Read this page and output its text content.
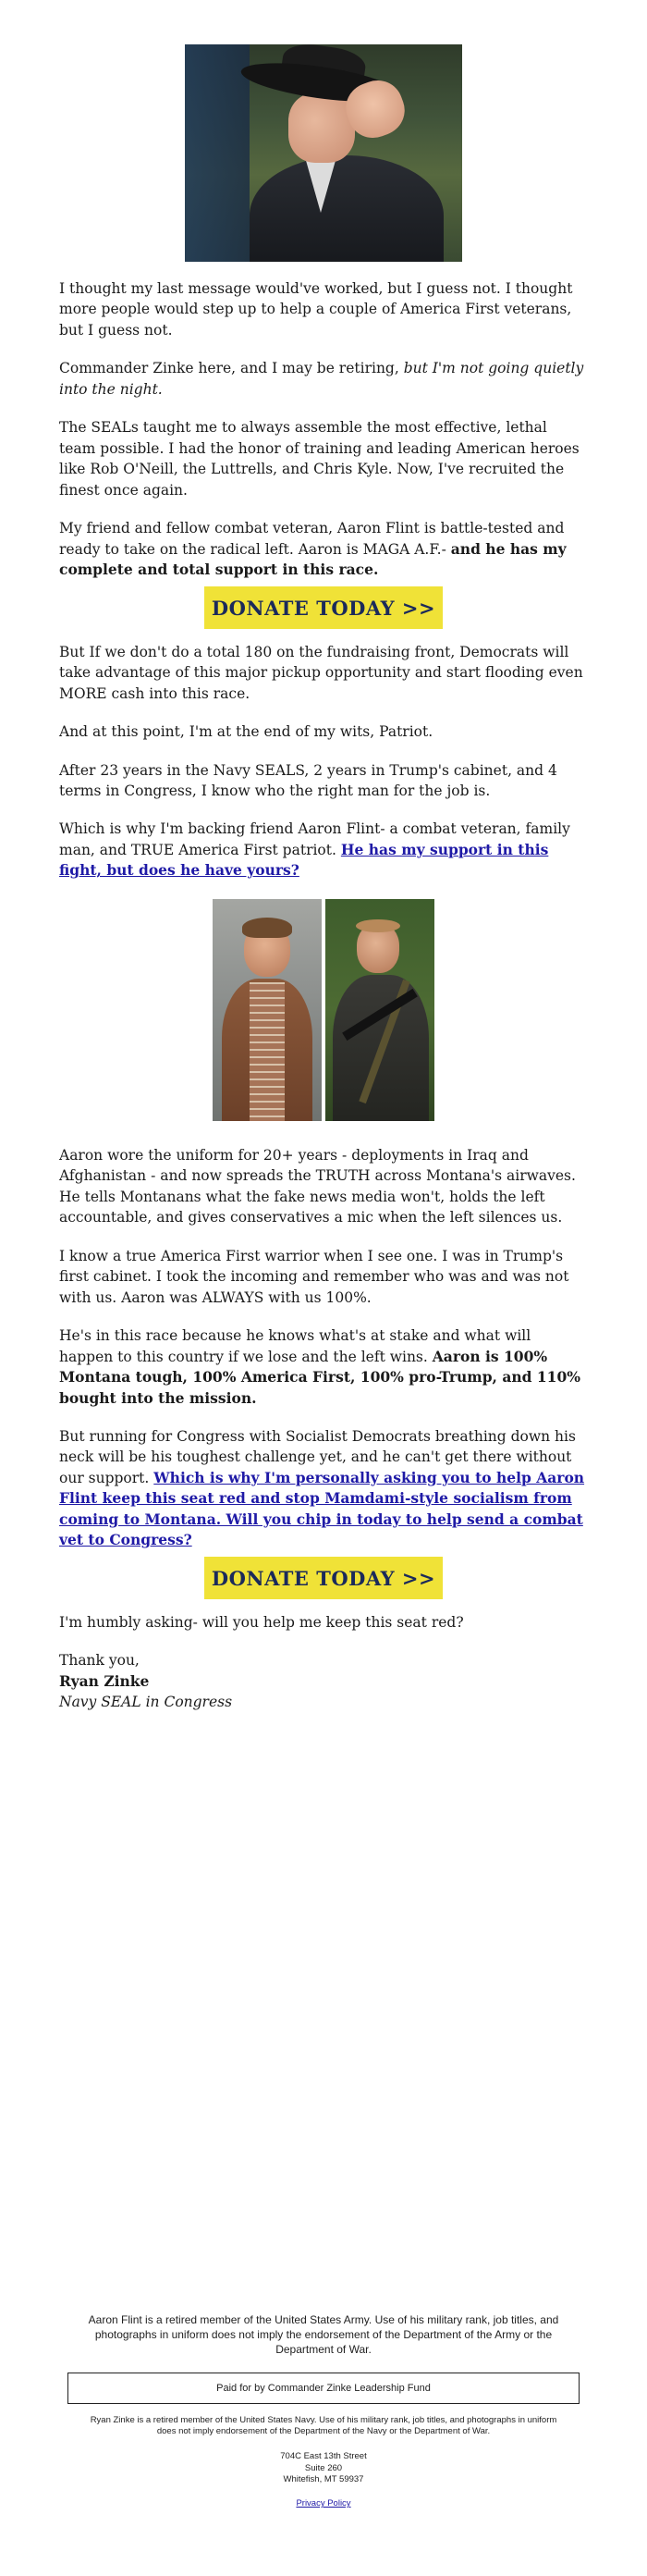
I thought my last message would've worked, but I guess not. I thought more people would step up to help a couple of America First veterans, but I guess not.

Commander Zinke here, and I may be retiring, but I'm not going quietly into the night.

The SEALs taught me to always assemble the most effective, lethal team possible. I had the honor of training and leading American heroes like Rob O'Neill, the Luttrells, and Chris Kyle. Now, I've recruited the finest once again.

My friend and fellow combat veteran, Aaron Flint is battle-tested and ready to take on the radical left. Aaron is MAGA A.F.- and he has my complete and total support in this race.

DONATE TODAY >>

But If we don't do a total 180 on the fundraising front, Democrats will take advantage of this major pickup opportunity and start flooding even MORE cash into this race.

And at this point, I'm at the end of my wits, Patriot.

After 23 years in the Navy SEALS, 2 years in Trump's cabinet, and 4 terms in Congress, I know who the right man for the job is.

Which is why I'm backing friend Aaron Flint- a combat veteran, family man, and TRUE America First patriot. He has my support in this fight, but does he have yours?

Aaron wore the uniform for 20+ years - deployments in Iraq and Afghanistan - and now spreads the TRUTH across Montana's airwaves. He tells Montanans what the fake news media won't, holds the left accountable, and gives conservatives a mic when the left silences us.

I know a true America First warrior when I see one. I was in Trump's first cabinet. I took the incoming and remember who was and was not with us. Aaron was ALWAYS with us 100%.

He's in this race because he knows what's at stake and what will happen to this country if we lose and the left wins. Aaron is 100% Montana tough, 100% America First, 100% pro-Trump, and 110% bought into the mission.

But running for Congress with Socialist Democrats breathing down his neck will be his toughest challenge yet, and he can't get there without our support. Which is why I'm personally asking you to help Aaron Flint keep this seat red and stop Mamdami-style socialism from coming to Montana. Will you chip in today to help send a combat vet to Congress?

DONATE TODAY >>

I'm humbly asking- will you help me keep this seat red?

Thank you,

Ryan Zinke

Navy SEAL in Congress

Aaron Flint is a retired member of the United States Army. Use of his military rank, job titles, and photographs in uniform does not imply the endorsement of the Department of the Army or the Department of War.
Paid for by Commander Zinke Leadership Fund
Ryan Zinke is a retired member of the United States Navy. Use of his military rank, job titles, and photographs in uniform does not imply endorsement of the Department of the Navy or the Department of War.
704C East 13th Street
Suite 260
Whitefish, MT 59937
Privacy Policy
